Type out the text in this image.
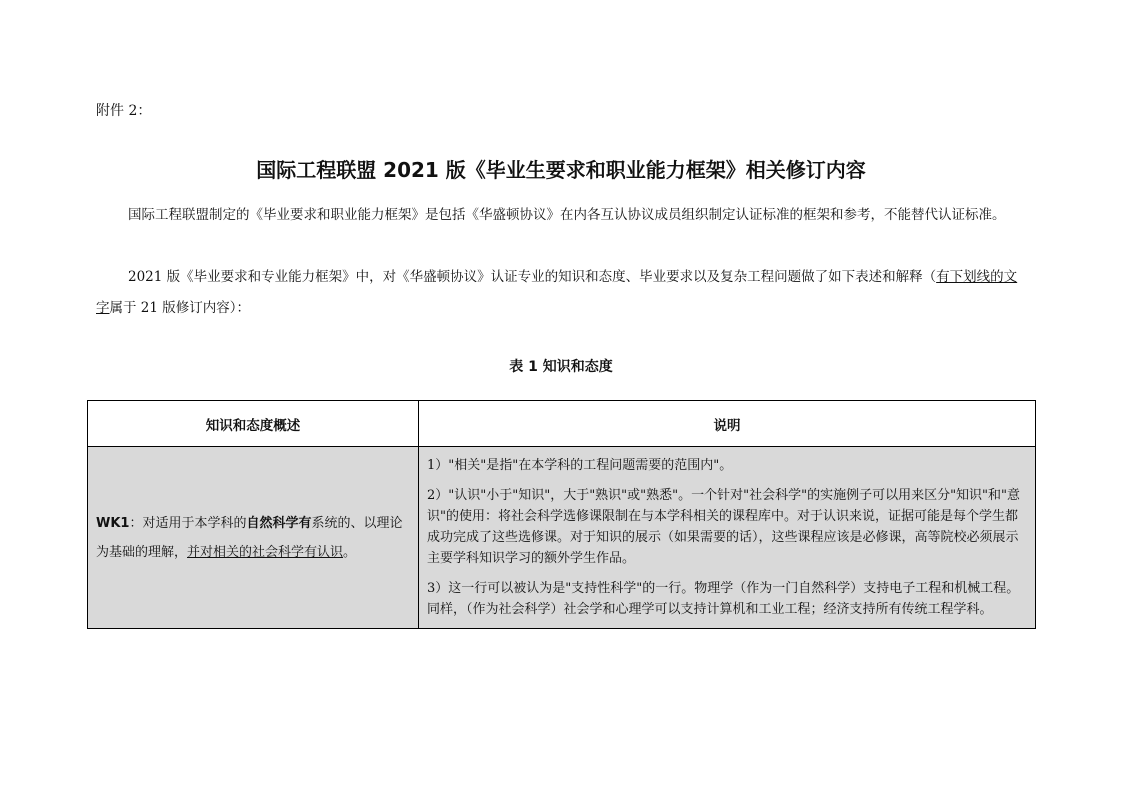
附件 2：
国际工程联盟 2021 版《毕业生要求和职业能力框架》相关修订内容

国际工程联盟制定的《毕业要求和职业能力框架》是包括《华盛顿协议》在内各互认协议成员组织制定认证标准的框架和参考，不能替代认证标准。

2021 版《毕业要求和专业能力框架》中，对《华盛顿协议》认证专业的知识和态度、毕业要求以及复杂工程问题做了如下表述和解释（有下划线的文字属于 21 版修订内容）：

表 1 知识和态度
知识和态度概述	说明
WK1：对适用于本学科的自然科学有系统的、以理论为基础的理解，并对相关的社会科学有认识。	1）"相关"是指"在本学科的工程问题需要的范围内"。

2）"认识"小于"知识"，大于"熟识"或"熟悉"。一个针对"社会科学"的实施例子可以用来区分"知识"和"意识"的使用：将社会科学选修课限制在与本学科相关的课程库中。对于认识来说，证据可能是每个学生都成功完成了这些选修课。对于知识的展示（如果需要的话），这些课程应该是必修课，高等院校必须展示主要学科知识学习的额外学生作品。

3）这一行可以被认为是"支持性科学"的一行。物理学（作为一门自然科学）支持电子工程和机械工程。同样，（作为社会科学）社会学和心理学可以支持计算机和工业工程；经济支持所有传统工程学科。
